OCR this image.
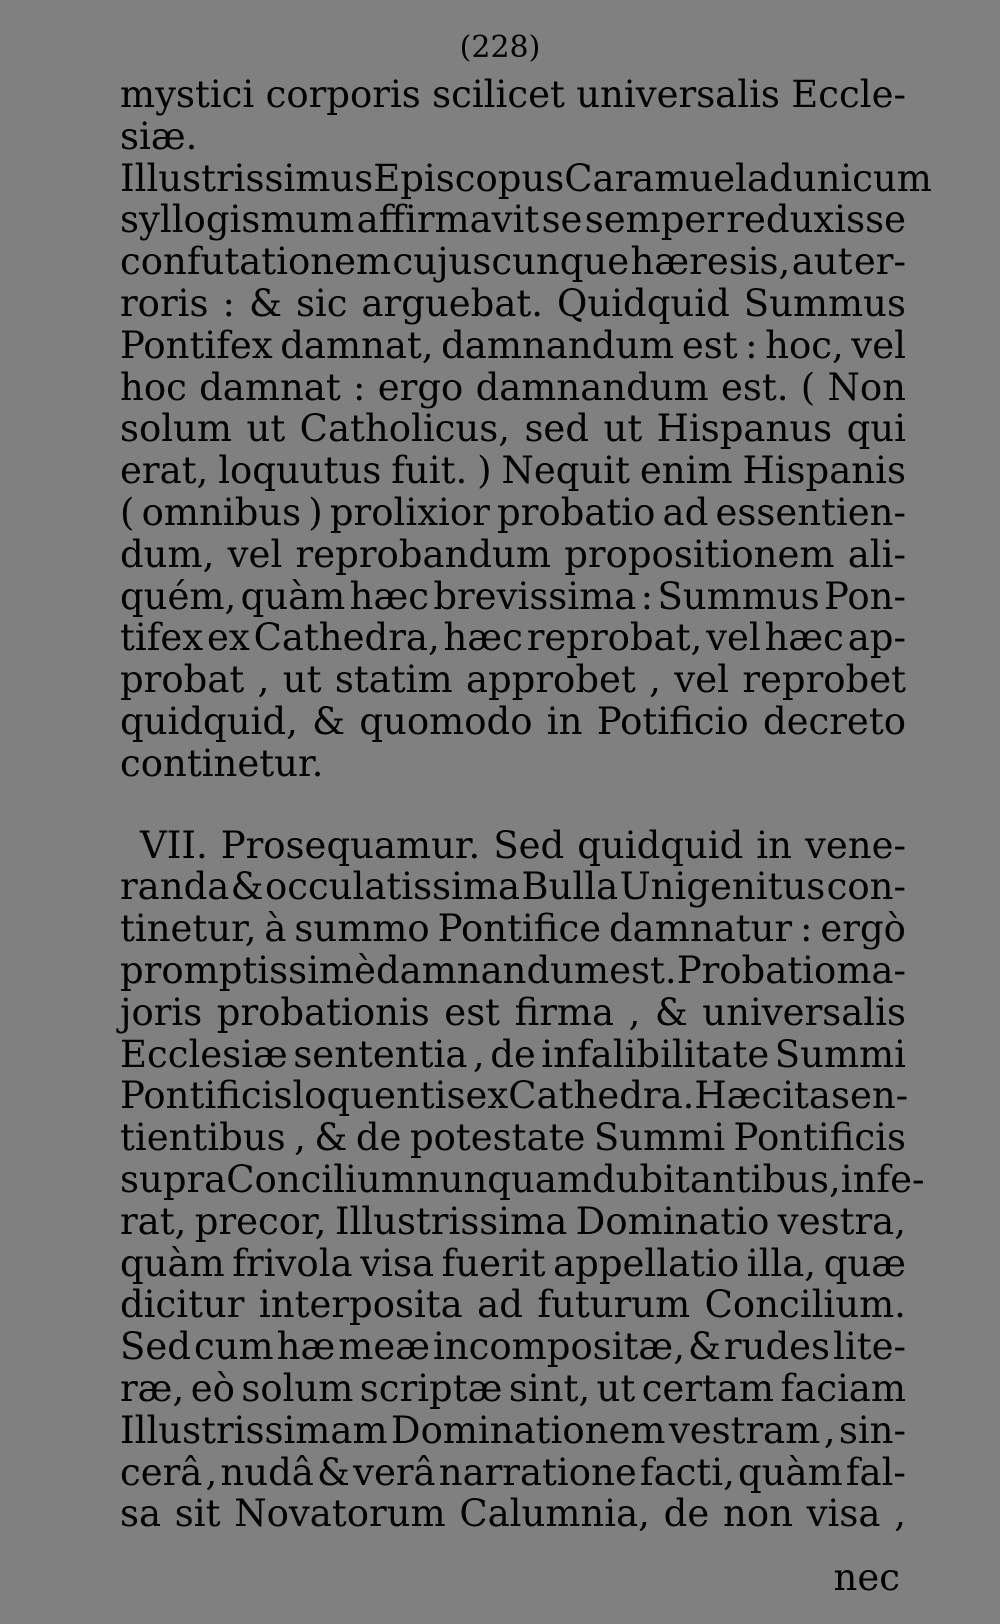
(228)
mystici corporis scilicet universalis Eccle-
siæ.
Illustrissimus Episcopus Caramuel ad unicum
syllogismum affirmavit se semper reduxisse
confutationem cujuscunque hæresis, aut er-
roris : & sic arguebat. Quidquid Summus
Pontifex damnat, damnandum est : hoc, vel
hoc damnat : ergo damnandum est. ( Non
solum ut Catholicus, sed ut Hispanus qui
erat, loquutus fuit. ) Nequit enim Hispanis
( omnibus ) prolixior probatio ad essentien-
dum, vel reprobandum propositionem ali-
quém, quàm hæc brevissima : Summus Pon-
tifex ex Cathedra, hæc reprobat, vel hæc ap-
probat , ut statim approbet , vel reprobet
quidquid, & quomodo in Potificio decreto
continetur.
VII. Prosequamur. Sed quidquid in vene-
randa & occulatissima Bulla Unigenitus con-
tinetur, à summo Pontifice damnatur : ergò
promptissimè damnandum est. Probatio ma-
joris probationis est firma , & universalis
Ecclesiæ sententia , de infalibilitate Summi
Pontificis loquentis ex Cathedra. Hæc ita sen-
tientibus , & de potestate Summi Pontificis
supra Concilium nunquam dubitantibus, infe-
rat, precor, Illustrissima Dominatio vestra,
quàm frivola visa fuerit appellatio illa, quæ
dicitur interposita ad futurum Concilium.
Sed cum hæ meæ incompositæ, & rudes lite-
ræ, eò solum scriptæ sint, ut certam faciam
Illustrissimam Dominationem vestram , sin-
cerâ , nudâ & verâ narratione facti, quàm fal-
sa sit Novatorum Calumnia, de non visa ,
nec
